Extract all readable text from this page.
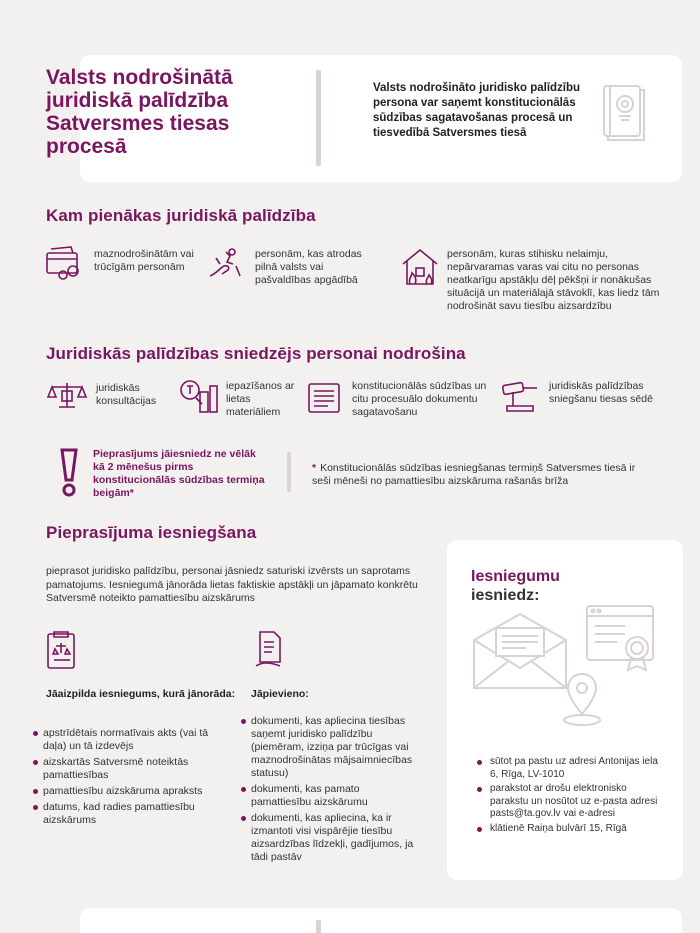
Valsts nodrošinātā juridiskā palīdzība Satversmes tiesas procesā

Valsts nodrošināto juridisko palīdzību persona var saņemt konstitucionālās sūdzības sagatavošanas procesā un tiesvedībā Satversmes tiesā

Kam pienākas juridiskā palīdzība

maznodrošinātām vai trūcīgām personām

personām, kas atrodas pilnā valsts vai pašvaldības apgādībā

personām, kuras stihisku nelaimju, nepārvaramas varas vai citu no personas neatkarīgu apstākļu dēļ pēkšņi ir nonākušas situācijā un materiālajā stāvoklī, kas liedz tām nodrošināt savu tiesību aizsardzību

Juridiskās palīdzības sniedzējs personai nodrošina

juridiskās konsultācijas

iepazīšanos ar lietas materiāliem

konstitucionālās sūdzības un citu procesuālo dokumentu sagatavošanu

juridiskās palīdzības sniegšanu tiesas sēdē

Pieprasījums jāiesniedz ne vēlāk kā 2 mēnešus pirms konstitucionālās sūdzības termiņa beigām*

* Konstitucionālās sūdzības iesniegšanas termiņš Satversmes tiesā ir seši mēneši no pamattiesību aizskāruma rašanās brīža

Pieprasījuma iesniegšana

pieprasot juridisko palīdzību, personai jāsniedz saturiski izvērsts un saprotams pamatojums. Iesniegumā jānorāda lietas faktiskie apstākļi un jāpamato konkrētu Satversmē noteikto pamattiesību aizskārums

Jāaizpilda iesniegums, kurā jānorāda:

apstrīdētais normatīvais akts (vai tā daļa) un tā izdevējs
aizskartās Satversmē noteiktās pamattiesības
pamattiesību aizskāruma apraksts
datums, kad radies pamattiesību aizskārums

Jāpievieno:

dokumenti, kas apliecina tiesības saņemt juridisko palīdzību (piemēram, izziņa par trūcīgas vai maznodrošinātas mājsaimniecības statusu)
dokumenti, kas pamato pamattiesību aizskārumu
dokumenti, kas apliecina, ka ir izmantoti visi vispārējie tiesību aizsardzības līdzekļi, gadījumos, ja tādi pastāv

Iesniegumu
iesniedz:

sūtot pa pastu uz adresi Antonijas iela 6, Rīga, LV-1010
parakstot ar drošu elektronisko parakstu un nosūtot uz e-pasta adresi pasts@ta.gov.lv vai e-adresi
klātienē Raiņa bulvārī 15, Rīgā
